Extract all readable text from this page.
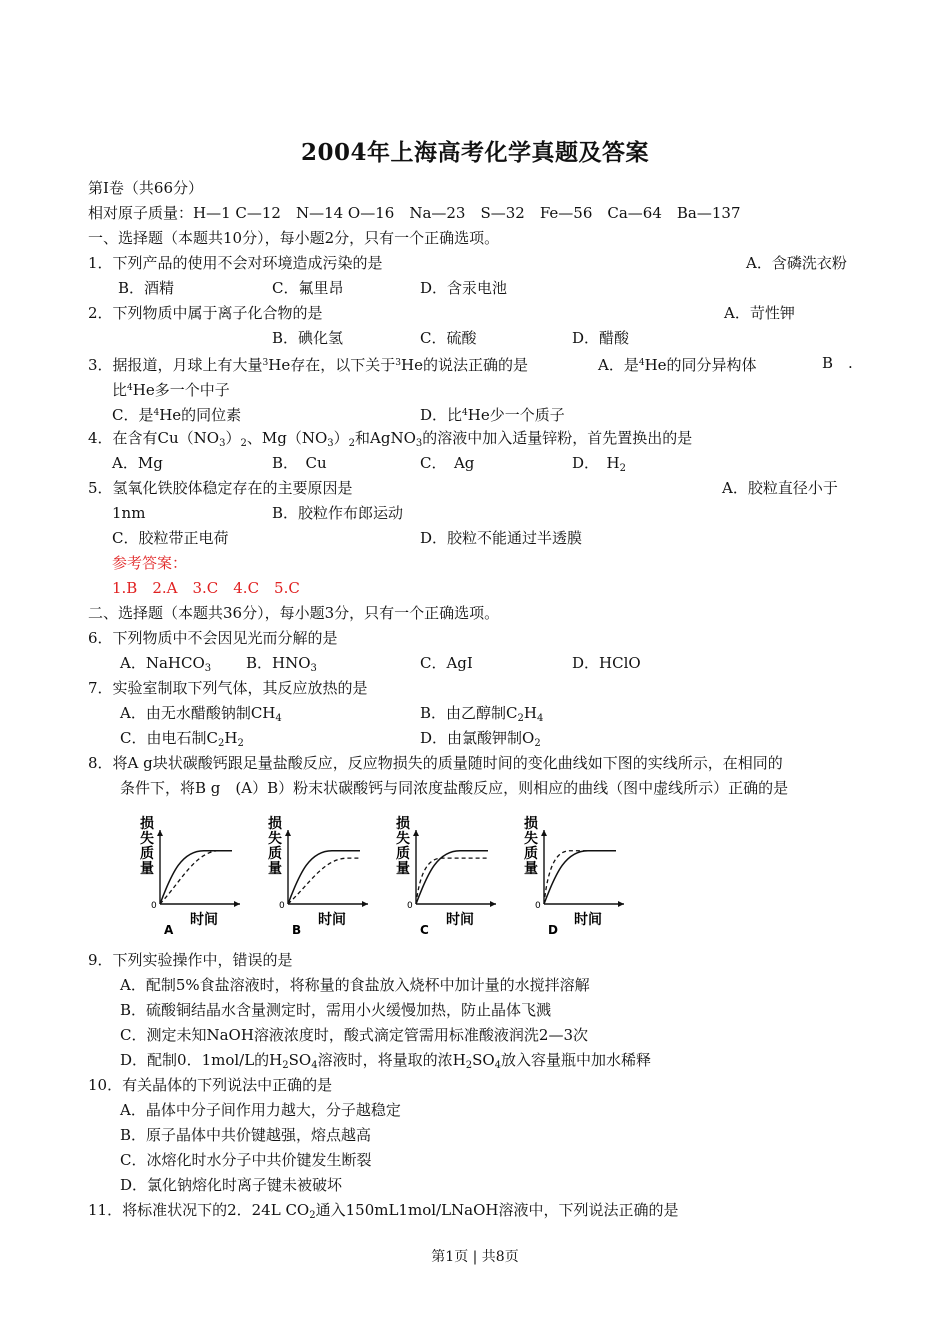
2004年上海高考化学真题及答案
第Ⅰ卷（共66分）
相对原子质量：H—1 C—12　N—14 O—16　Na—23　S—32　Fe—56　Ca—64　Ba—137
一、选择题（本题共10分），每小题2分，只有一个正确选项。
1．下列产品的使用不会对环境造成污染的是	A．含磷洗衣粉
B．酒精	C．氟里昂	D．含汞电池
2．下列物质中属于离子化合物的是	A．苛性钾
B．碘化氢	C．硫酸	D．醋酸
3．据报道，月球上有大量$^3$He存在，以下关于$^3$He的说法正确的是	A．是$^4$He的同分异构体	B　.
比$^4$He多一个中子
C．是$^4$He的同位素	D．比$^4$He少一个质子
4．在含有$Cu(NO_3)_2$、$Mg(NO_3)_2$和AgNO$_3$的溶液中加入适量锌粉，首先置换出的是
A．Mg	B．　Cu	C．　Ag	D．　$H_2$
5．氢氧化铁胶体稳定存在的主要原因是	A．胶粒直径小于
1nm	B．胶粒作布郎运动
C．胶粒带正电荷	D．胶粒不能通过半透膜
参考答案：
1.B　2.A　3.C　4.C　5.C
二、选择题（本题共36分），每小题3分，只有一个正确选项。
6．下列物质中不会因见光而分解的是
A．NaHCO$_3$ B．$HNO_3$	C．AgI	D．HClO
7．实验室制取下列气体，其反应放热的是
A．由无水醋酸钠制$CH_4$	B．由乙醇制$C_2H_4$
C．由电石制$C_2H_2$	D．由氯酸钾制$O_2$
8．将A g块状碳酸钙跟足量盐酸反应，反应物损失的质量随时间的变化曲线如下图的实线所示，在相同的
条件下，将B g　(A）B）粉末状碳酸钙与同浓度盐酸反应，则相应的曲线（图中虚线所示）正确的是
损
失
质
量
0
时间
A
损
失
质
量
0
时间
B
损
失
质
量
0
时间
C
损
失
质
量
0
时间
D
9．下列实验操作中，错误的是
A．配制5%食盐溶液时，将称量的食盐放入烧杯中加计量的水搅拌溶解
B．硫酸铜结晶水含量测定时，需用小火缓慢加热，防止晶体飞溅
C．测定未知NaOH溶液浓度时，酸式滴定管需用标准酸液润洗2—3次
D．配制0．1mol/L的$H_2SO_4$溶液时，将量取的浓$H_2SO_4$放入容量瓶中加水稀释
10．有关晶体的下列说法中正确的是
A．晶体中分子间作用力越大，分子越稳定
B．原子晶体中共价键越强，熔点越高
C．冰熔化时水分子中共价键发生断裂
D．氯化钠熔化时离子键未被破坏
11．将标准状况下的2．24L $CO_2$通入150mL1mol/LNaOH溶液中，下列说法正确的是
第1页 | 共8页
